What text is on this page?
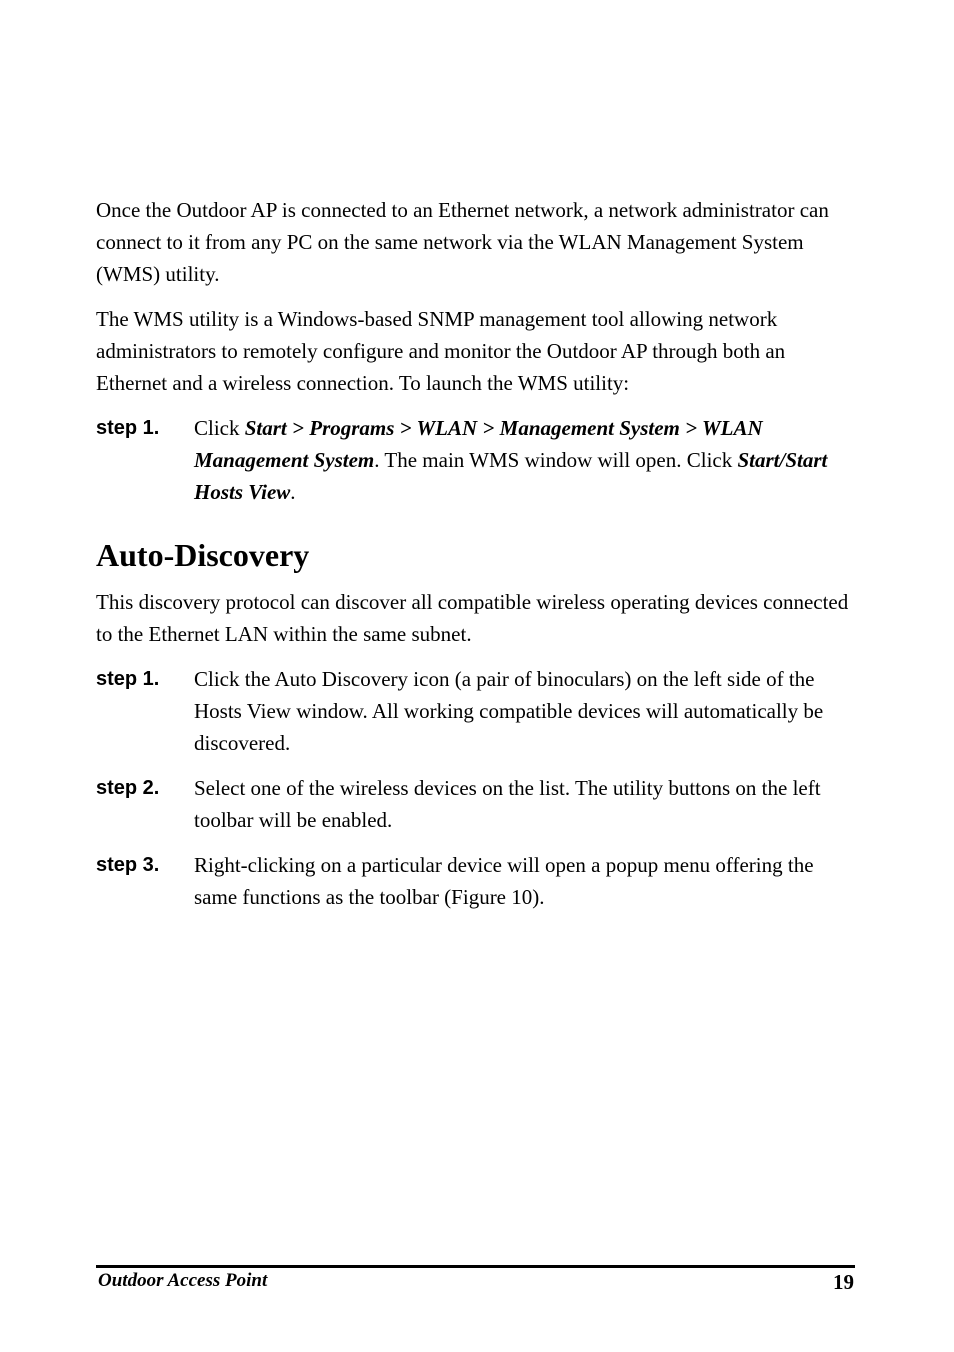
Once the Outdoor AP is connected to an Ethernet network, a network administrator can connect to it from any PC on the same network via the WLAN Management System (WMS) utility.

The WMS utility is a Windows-based SNMP management tool allowing network administrators to remotely configure and monitor the Outdoor AP through both an Ethernet and a wireless connection. To launch the WMS utility:

step 1.	Click Start > Programs > WLAN > Management System > WLAN Management System. The main WMS window will open. Click Start/Start Hosts View.
Auto-Discovery

This discovery protocol can discover all compatible wireless operating devices connected to the Ethernet LAN within the same subnet.

step 1.	Click the Auto Discovery icon (a pair of binoculars) on the left side of the Hosts View window. All working compatible devices will automatically be discovered.
step 2.	Select one of the wireless devices on the list. The utility buttons on the left toolbar will be enabled.
step 3.	Right-clicking on a particular device will open a popup menu offering the same functions as the toolbar (Figure 10).
Outdoor Access Point	19
